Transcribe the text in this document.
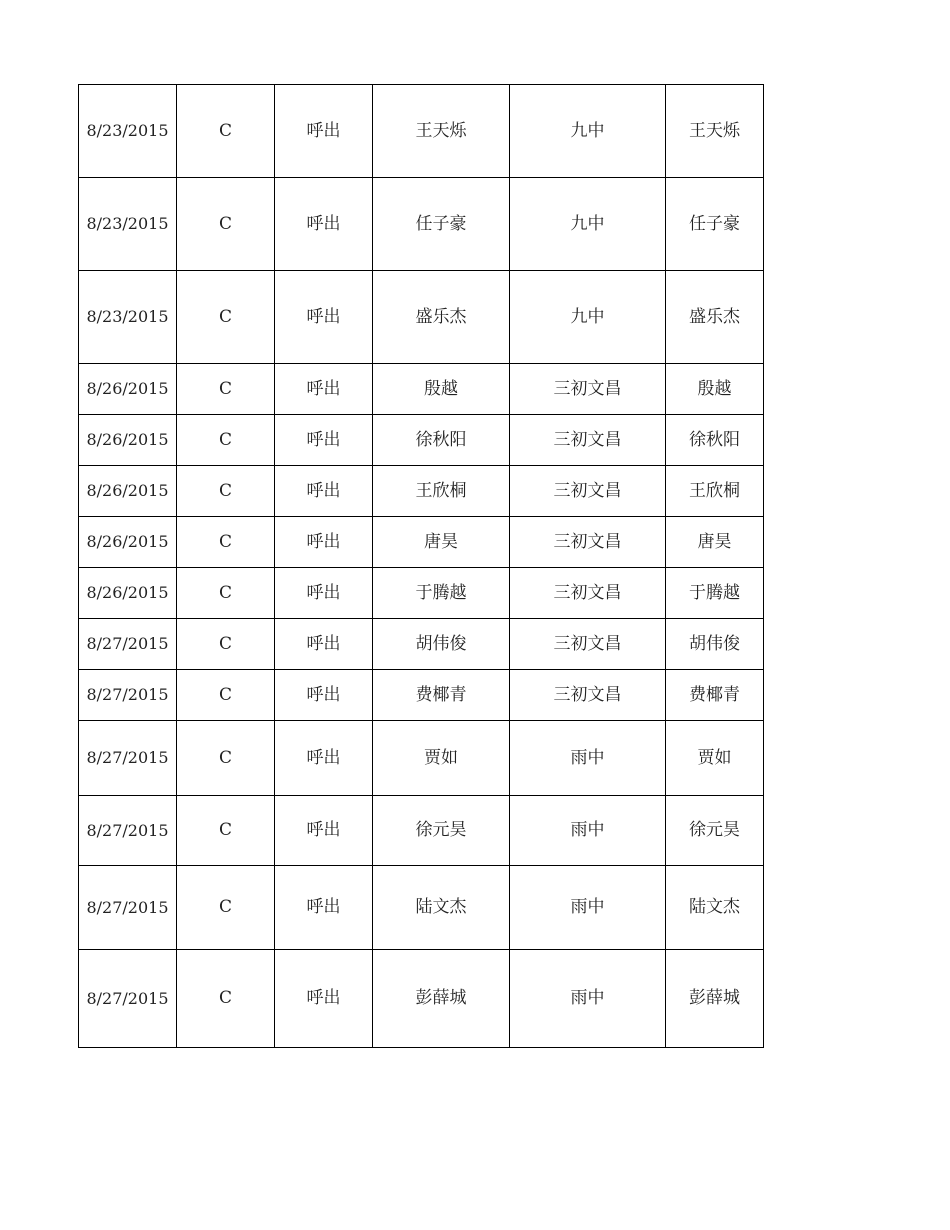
8/23/2015	C	呼出	王天烁	九中	王天烁
8/23/2015	C	呼出	任子豪	九中	任子豪
8/23/2015	C	呼出	盛乐杰	九中	盛乐杰
8/26/2015	C	呼出	殷越	三初文昌	殷越
8/26/2015	C	呼出	徐秋阳	三初文昌	徐秋阳
8/26/2015	C	呼出	王欣桐	三初文昌	王欣桐
8/26/2015	C	呼出	唐昊	三初文昌	唐昊
8/26/2015	C	呼出	于腾越	三初文昌	于腾越
8/27/2015	C	呼出	胡伟俊	三初文昌	胡伟俊
8/27/2015	C	呼出	费椰青	三初文昌	费椰青
8/27/2015	C	呼出	贾如	雨中	贾如
8/27/2015	C	呼出	徐元昊	雨中	徐元昊
8/27/2015	C	呼出	陆文杰	雨中	陆文杰
8/27/2015	C	呼出	彭薛城	雨中	彭薛城
